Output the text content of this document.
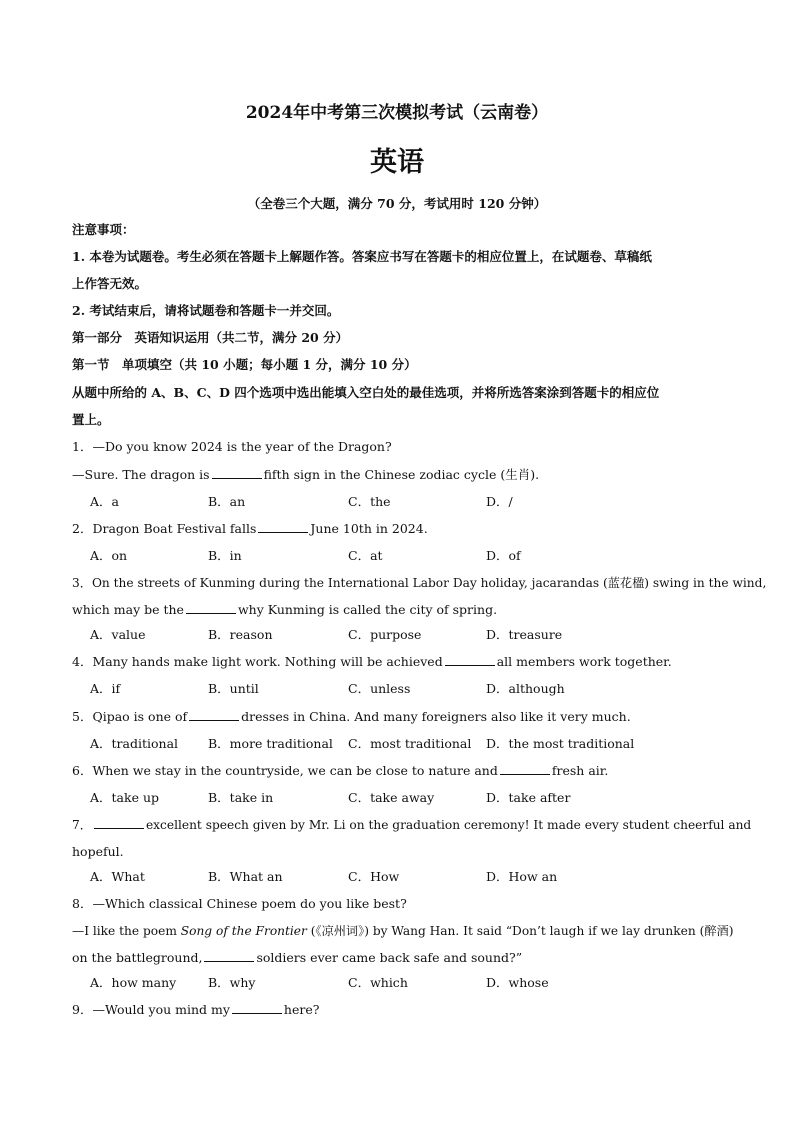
2024年中考第三次模拟考试（云南卷）
英语
（全卷三个大题，满分 70 分，考试用时 120 分钟）
注意事项：
1. 本卷为试题卷。考生必须在答题卡上解题作答。答案应书写在答题卡的相应位置上，在试题卷、草稿纸
上作答无效。
2. 考试结束后，请将试题卷和答题卡一并交回。
第一部分　英语知识运用（共二节，满分 20 分）
第一节　单项填空（共 10 小题；每小题 1 分，满分 10 分）
从题中所给的 A、B、C、D 四个选项中选出能填入空白处的最佳选项，并将所选答案涂到答题卡的相应位
置上。
1．—Do you know 2024 is the year of the Dragon?
—Sure. The dragon is	fifth sign in the Chinese zodiac cycle (生肖).
A．a	B．an	C．the	D．/
2．Dragon Boat Festival falls	June 10th in 2024.
A．on	B．in	C．at	D．of
3．On the streets of Kunming during the International Labor Day holiday, jacarandas (蓝花楹) swing in the wind,
which may be the	why Kunming is called the city of spring.
A．value	B．reason	C．purpose	D．treasure
4．Many hands make light work. Nothing will be achieved	all members work together.
A．if	B．until	C．unless	D．although
5．Qipao is one of	dresses in China. And many foreigners also like it very much.
A．traditional B．more traditional C．most traditional D．the most traditional
6．When we stay in the countryside, we can be close to nature and	fresh air.
A．take up	B．take in	C．take away	D．take after
7．	excellent speech given by Mr. Li on the graduation ceremony! It made every student cheerful and
hopeful.
A．What	B．What an	C．How	D．How an
8．—Which classical Chinese poem do you like best?
—I like the poem Song of the Frontier (《凉州词》) by Wang Han. It said “Don’t laugh if we lay drunken (醉酒)
on the battleground,	soldiers ever came back safe and sound?”
A．how many	B．why	C．which	D．whose
9．—Would you mind my	here?
